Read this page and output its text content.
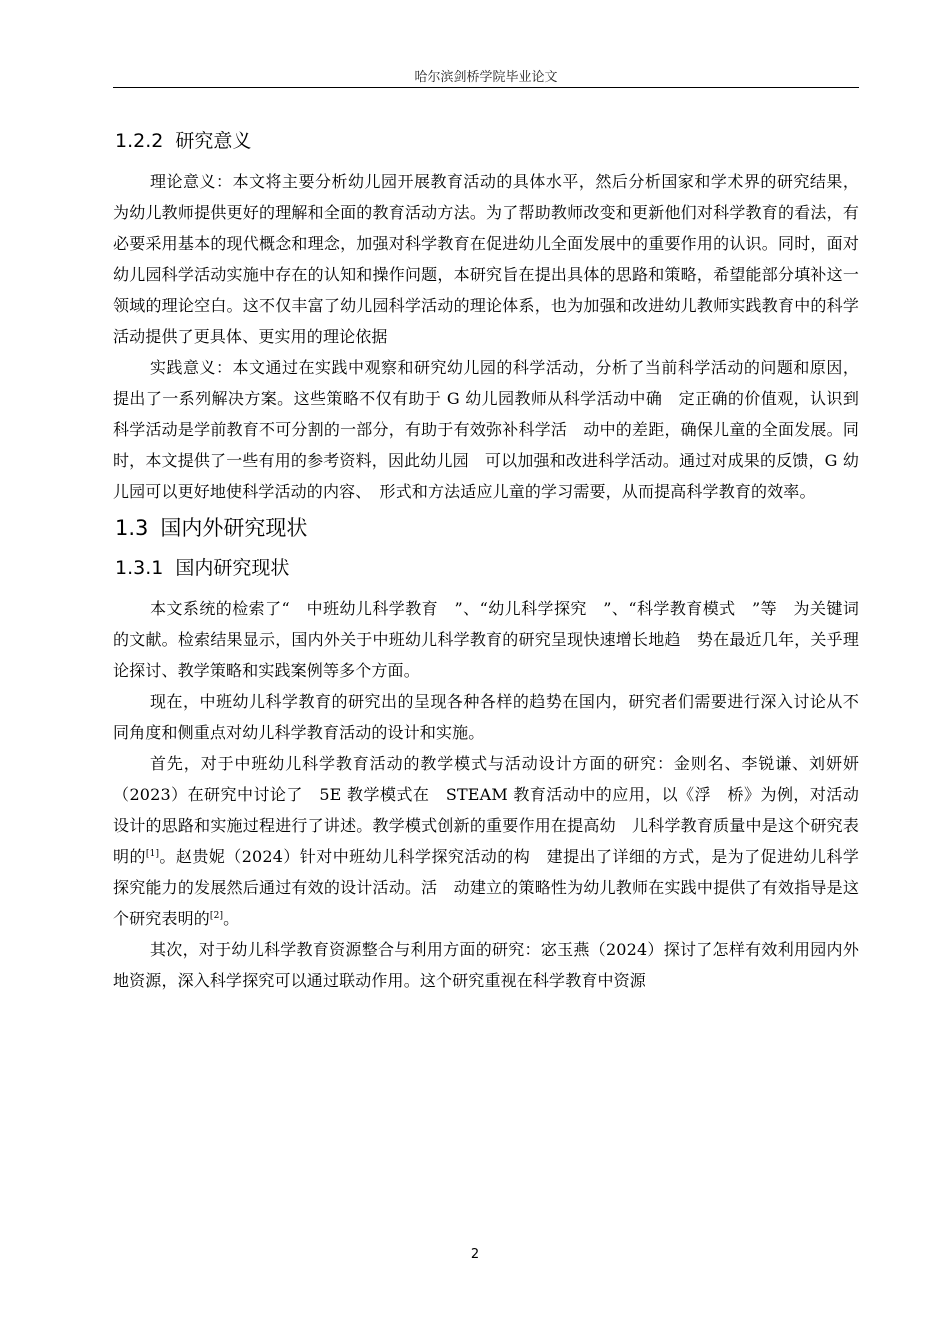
哈尔滨剑桥学院毕业论文
1.2.2 研究意义

理论意义：本文将主要分析幼儿园开展教育活动的具体水平，然后分析国家和学术界的研究结果，为幼儿教师提供更好的理解和全面的教育活动方法。为了帮助教师改变和更新他们对科学教育的看法，有必要采用基本的现代概念和理念，加强对科学教育在促进幼儿全面发展中的重要作用的认识。同时，面对幼儿园科学活动实施中存在的认知和操作问题，本研究旨在提出具体的思路和策略，希望能部分填补这一领域的理论空白。这不仅丰富了幼儿园科学活动的理论体系，也为加强和改进幼儿教师实践教育中的科学活动提供了更具体、更实用的理论依据

实践意义：本文通过在实践中观察和研究幼儿园的科学活动，分析了当前科学活动的问题和原因，提出了一系列解决方案。这些策略不仅有助于 G 幼儿园教师从科学活动中确　定正确的价值观，认识到科学活动是学前教育不可分割的一部分，有助于有效弥补科学活　动中的差距，确保儿童的全面发展。同时，本文提供了一些有用的参考资料，因此幼儿园　可以加强和改进科学活动。通过对成果的反馈，G 幼儿园可以更好地使科学活动的内容、　形式和方法适应儿童的学习需要，从而提高科学教育的效率。

1.3 国内外研究现状
1.3.1 国内研究现状

本文系统的检索了“　中班幼儿科学教育　”、“幼儿科学探究　”、“科学教育模式　”等　为关键词的文献。检索结果显示，国内外关于中班幼儿科学教育的研究呈现快速增长地趋　势在最近几年，关乎理论探讨、教学策略和实践案例等多个方面。

现在，中班幼儿科学教育的研究出的呈现各种各样的趋势在国内，研究者们需要进行深入讨论从不同角度和侧重点对幼儿科学教育活动的设计和实施。

首先，对于中班幼儿科学教育活动的教学模式与活动设计方面的研究：金则名、李锐谦、刘妍妍（2023）在研究中讨论了　5E 教学模式在　STEAM 教育活动中的应用，以《浮　桥》为例，对活动设计的思路和实施过程进行了讲述。教学模式创新的重要作用在提高幼　儿科学教育质量中是这个研究表明的[1]。赵贵妮（2024）针对中班幼儿科学探究活动的构　建提出了详细的方式，是为了促进幼儿科学探究能力的发展然后通过有效的设计活动。活　动建立的策略性为幼儿教师在实践中提供了有效指导是这个研究表明的[2]。

其次，对于幼儿科学教育资源整合与利用方面的研究：宓玉燕（2024）探讨了怎样有效利用园内外地资源，深入科学探究可以通过联动作用。这个研究重视在科学教育中资源

2
